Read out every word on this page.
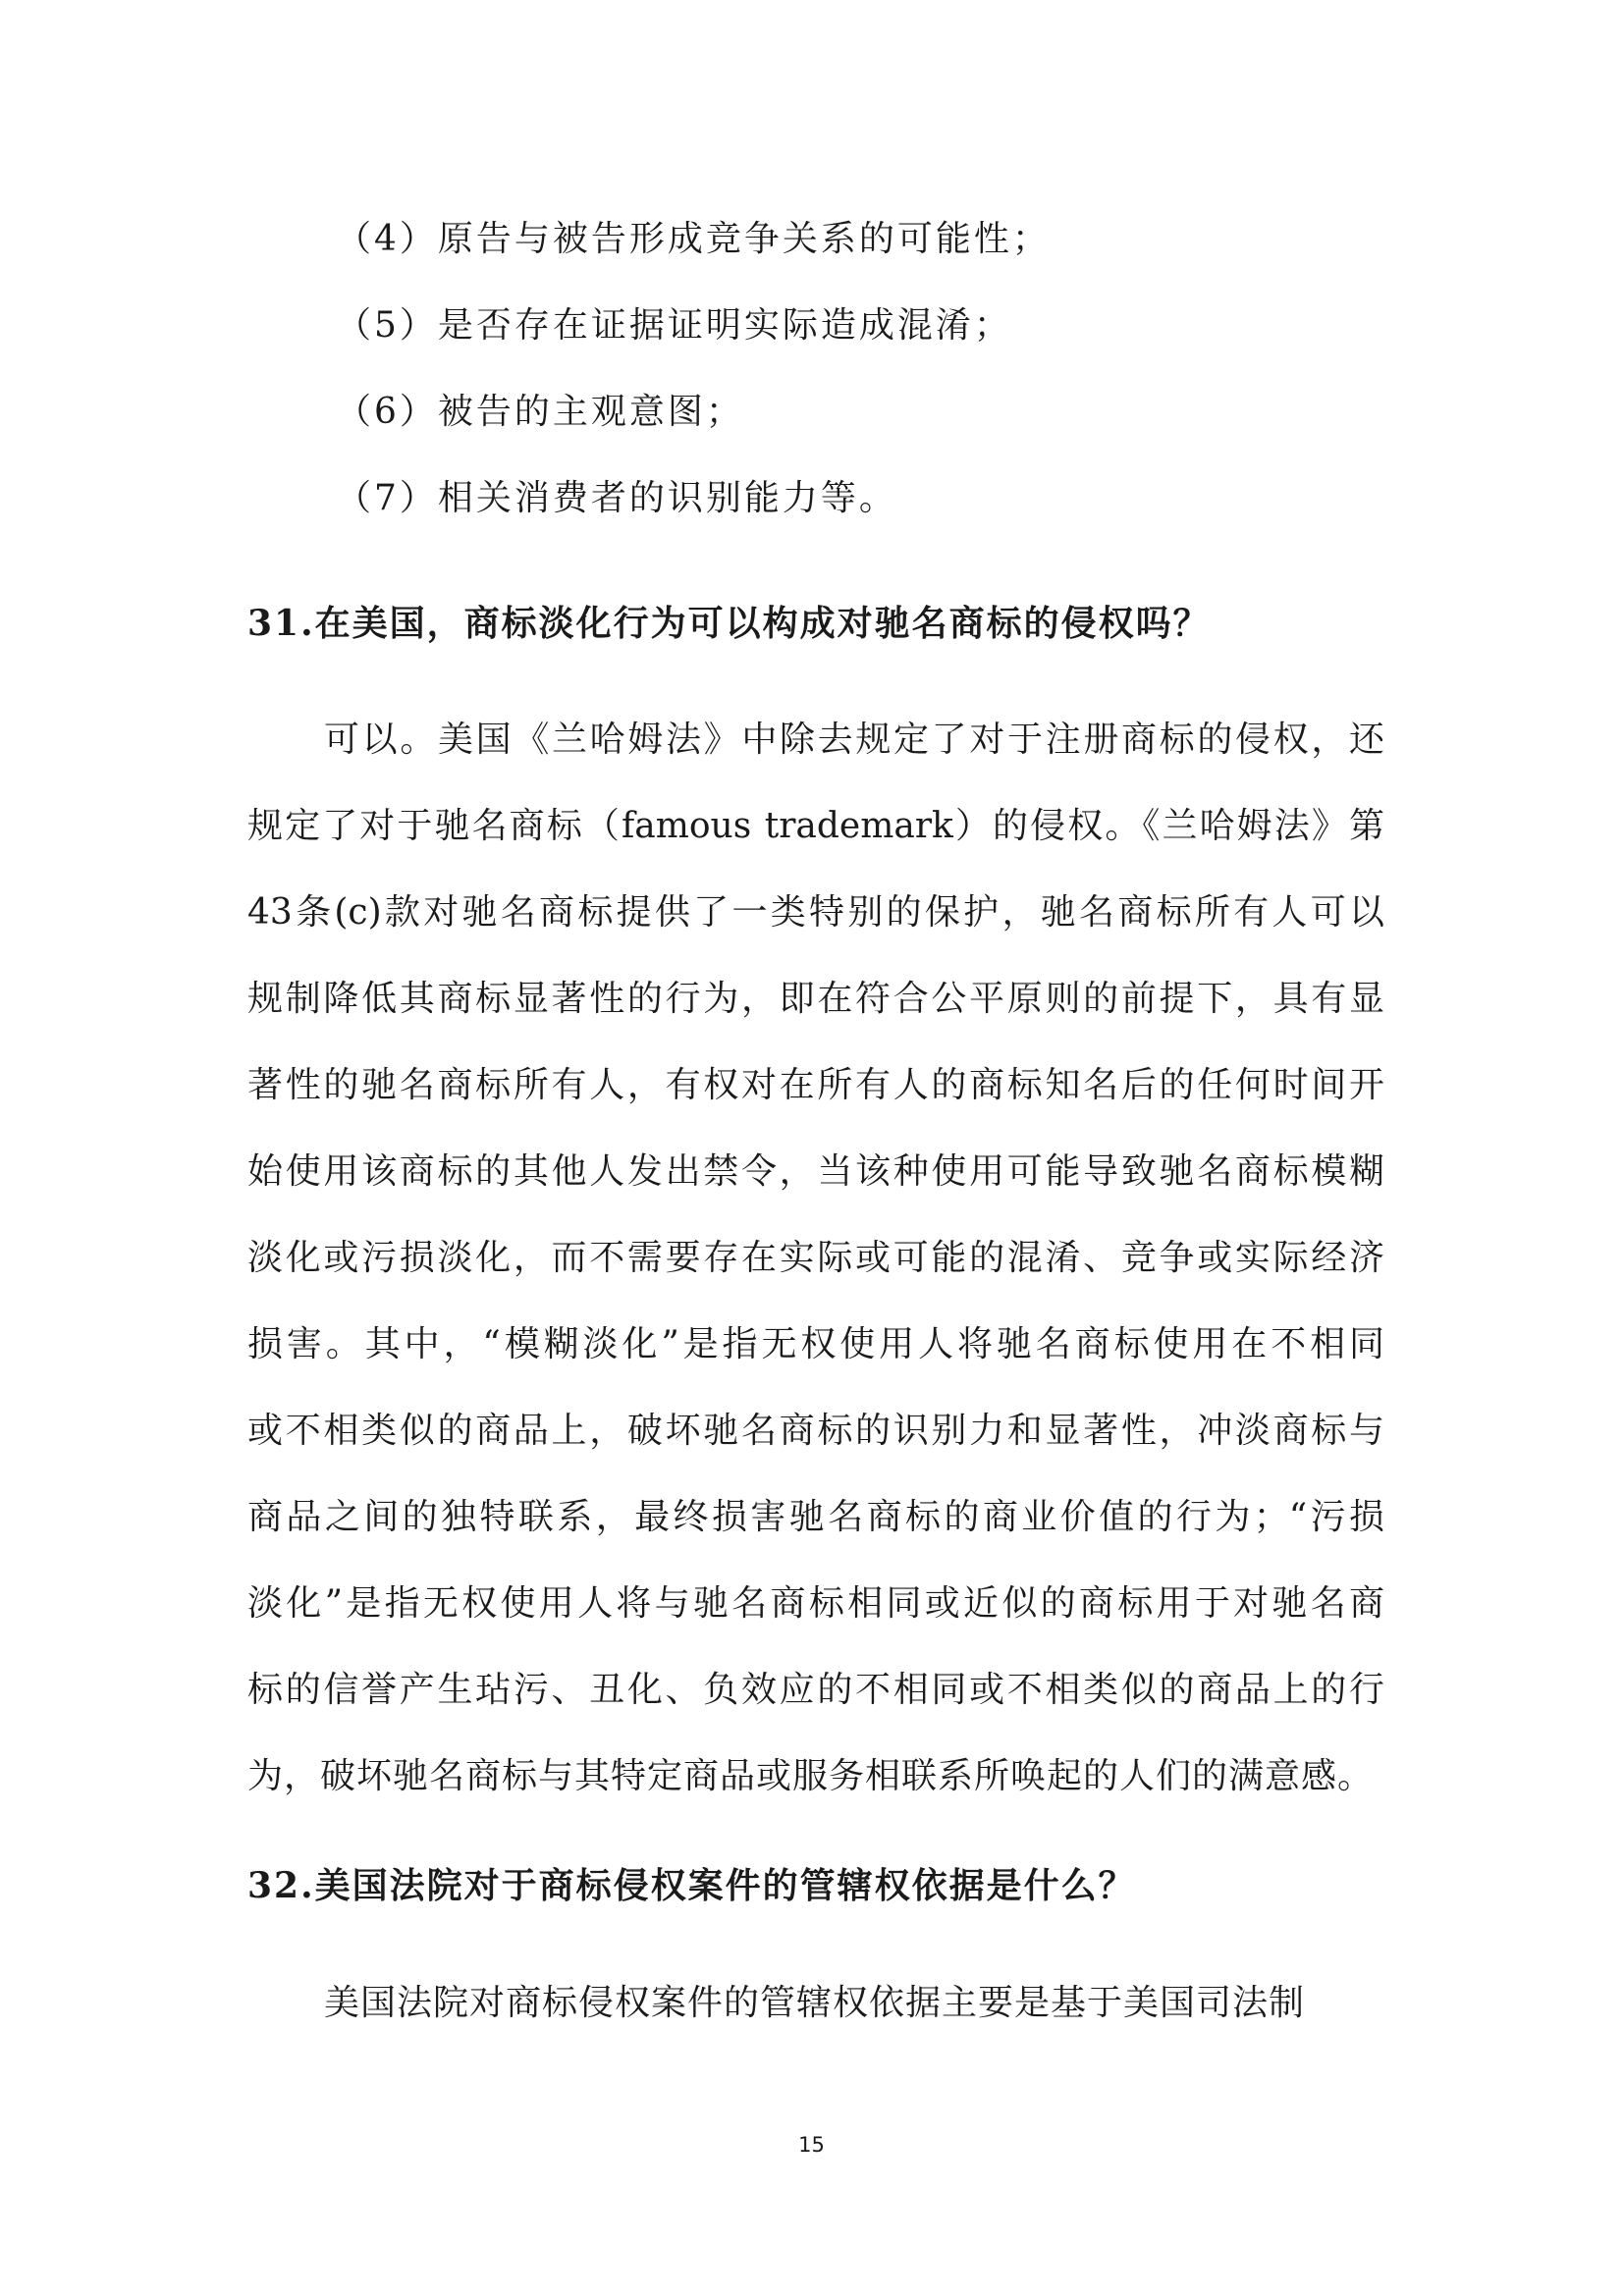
（4）原告与被告形成竞争关系的可能性；
（5）是否存在证据证明实际造成混淆；
（6）被告的主观意图；
（7）相关消费者的识别能力等。
31.在美国，商标淡化行为可以构成对驰名商标的侵权吗？
可以。美国《兰哈姆法》中除去规定了对于注册商标的侵权，还
规定了对于驰名商标（famous trademark）的侵权。《兰哈姆法》第
43条(c)款对驰名商标提供了一类特别的保护，驰名商标所有人可以
规制降低其商标显著性的行为，即在符合公平原则的前提下，具有显
著性的驰名商标所有人，有权对在所有人的商标知名后的任何时间开
始使用该商标的其他人发出禁令，当该种使用可能导致驰名商标模糊
淡化或污损淡化，而不需要存在实际或可能的混淆、竞争或实际经济
损害。其中，“模糊淡化”是指无权使用人将驰名商标使用在不相同
或不相类似的商品上，破坏驰名商标的识别力和显著性，冲淡商标与
商品之间的独特联系，最终损害驰名商标的商业价值的行为；“污损
淡化”是指无权使用人将与驰名商标相同或近似的商标用于对驰名商
标的信誉产生玷污、丑化、负效应的不相同或不相类似的商品上的行
为，破坏驰名商标与其特定商品或服务相联系所唤起的人们的满意感。
32.美国法院对于商标侵权案件的管辖权依据是什么？
美国法院对商标侵权案件的管辖权依据主要是基于美国司法制
15
